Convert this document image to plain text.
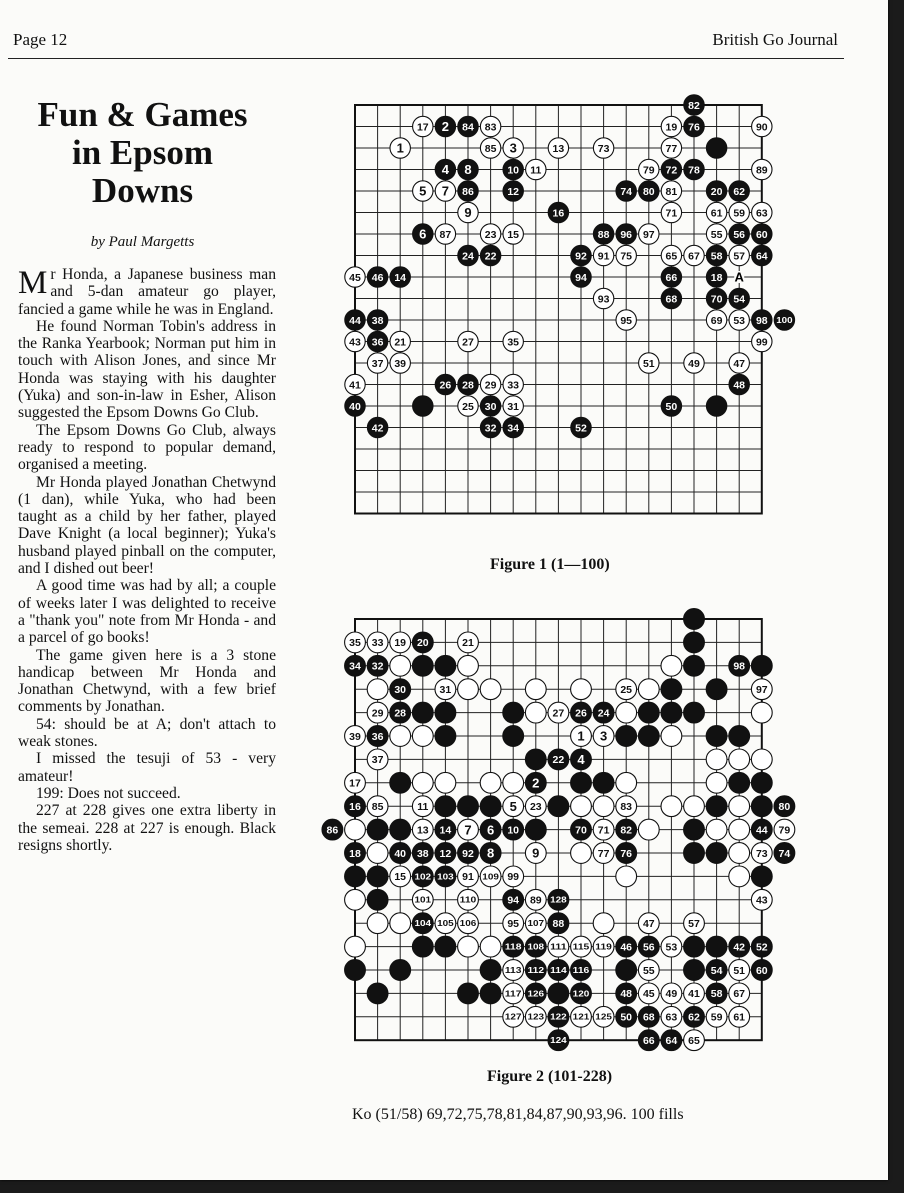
Page 12	British Go Journal
Fun & Games
in Epsom
Downs
by Paul Margetts

Mr Honda, a Japanese business man and 5-dan amateur go player, fancied a game while he was in England.

He found Norman Tobin's address in the Ranka Yearbook; Norman put him in touch with Alison Jones, and since Mr Honda was staying with his daughter (Yuka) and son-in-law in Esher, Alison suggested the Epsom Downs Go Club.

The Epsom Downs Go Club, always ready to respond to popular demand, organised a meeting.

Mr Honda played Jonathan Chetwynd (1 dan), while Yuka, who had been taught as a child by her father, played Dave Knight (a local beginner); Yuka's husband played pinball on the computer, and I dished out beer!

A good time was had by all; a couple of weeks later I was delighted to receive a "thank you" note from Mr Honda - and a parcel of go books!

The game given here is a 3 stone handicap between Mr Honda and Jonathan Chetwynd, with a few brief comments by Jonathan.

54: should be at A; don't attach to weak stones.

I missed the tesuji of 53 - very amateur!

199: Does not succeed.

227 at 228 gives one extra liberty in the semeai. 228 at 227 is enough. Black resigns shortly.

A
82
17 2 84 83	19 76	90
1	85 3	13	73	77
4 8	10 11	79 72 78	89
5 7 86	12	74 80 81	20 62
9	16	71	61 59 63
6 87	23 15	88 96 97	55 56 60
24 22	92 91 75	65 67 58 57 64
45 46 14	94	66	18
93	68	70 54
44 38	95	69 53 98 100
43 36 21	27	35	99
37 39	51	49	47
41	26 28 29 33	48
40	25 30 31	50
42	32 34	52
Figure 1 (1—100)
35 33 19 20	21
34 32	98
30	31	25	97
29 28	27 26 24
39 36	1 3
37	22 4
17	2
16 85	11	5 23	83	80
86	13 14 7 6 10	70 71 82	44 79
18	40 38 12 92 8	9	77 76	73 74
15 102 103 91 109 99
101	110	94 89 128	43
104 105 106	95 107 88	47	57
118 108 111 115 119 46 56 53	42 52
113 112 114 116	55	54 51 60
117 126	120	48 45 49 41 58 67
127 123 122 121 125 50 68 63 62 59 61
124	66 64 65
Figure 2 (101-228)
Ko (51/58) 69,72,75,78,81,84,87,90,93,96. 100 fills
